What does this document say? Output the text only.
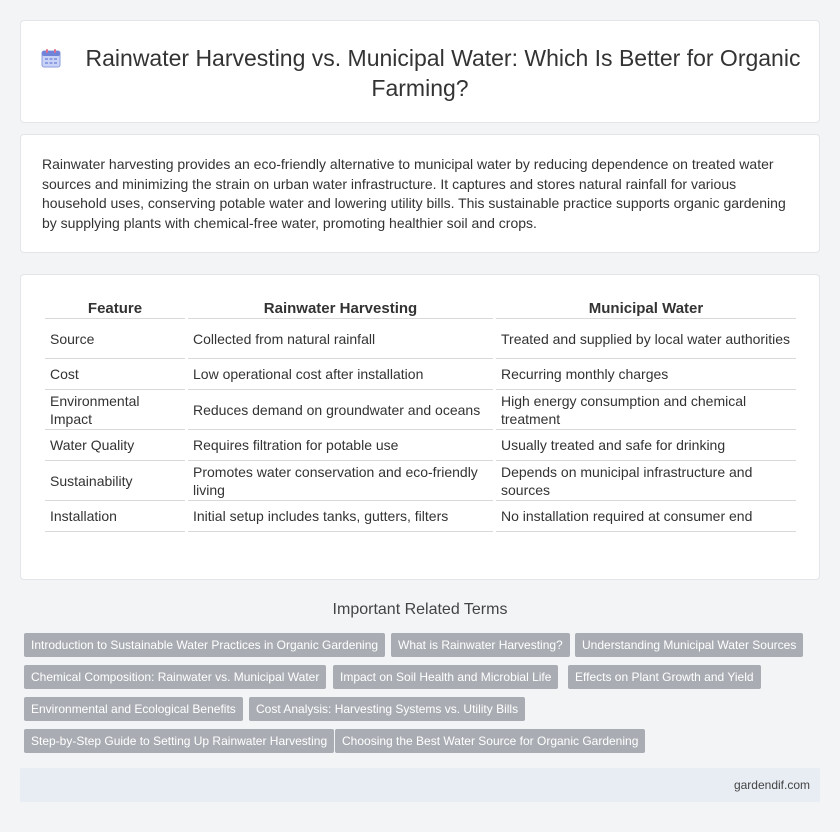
Rainwater Harvesting vs. Municipal Water: Which Is Better for Organic Farming?

Rainwater harvesting provides an eco-friendly alternative to municipal water by reducing dependence on treated water sources and minimizing the strain on urban water infrastructure. It captures and stores natural rainfall for various household uses, conserving potable water and lowering utility bills. This sustainable practice supports organic gardening by supplying plants with chemical-free water, promoting healthier soil and crops.

Feature	Rainwater Harvesting	Municipal Water
Source	Collected from natural rainfall	Treated and supplied by local water authorities
Cost	Low operational cost after installation	Recurring monthly charges
Environmental Impact	Reduces demand on groundwater and oceans	High energy consumption and chemical treatment
Water Quality	Requires filtration for potable use	Usually treated and safe for drinking
Sustainability	Promotes water conservation and eco-friendly living	Depends on municipal infrastructure and sources
Installation	Initial setup includes tanks, gutters, filters	No installation required at consumer end
Important Related Terms
Introduction to Sustainable Water Practices in Organic Gardening	What is Rainwater Harvesting?	Understanding Municipal Water Sources
Chemical Composition: Rainwater vs. Municipal Water	Impact on Soil Health and Microbial Life	Effects on Plant Growth and Yield
Environmental and Ecological Benefits	Cost Analysis: Harvesting Systems vs. Utility Bills
Step-by-Step Guide to Setting Up Rainwater Harvesting	Choosing the Best Water Source for Organic Gardening
gardendif.com
